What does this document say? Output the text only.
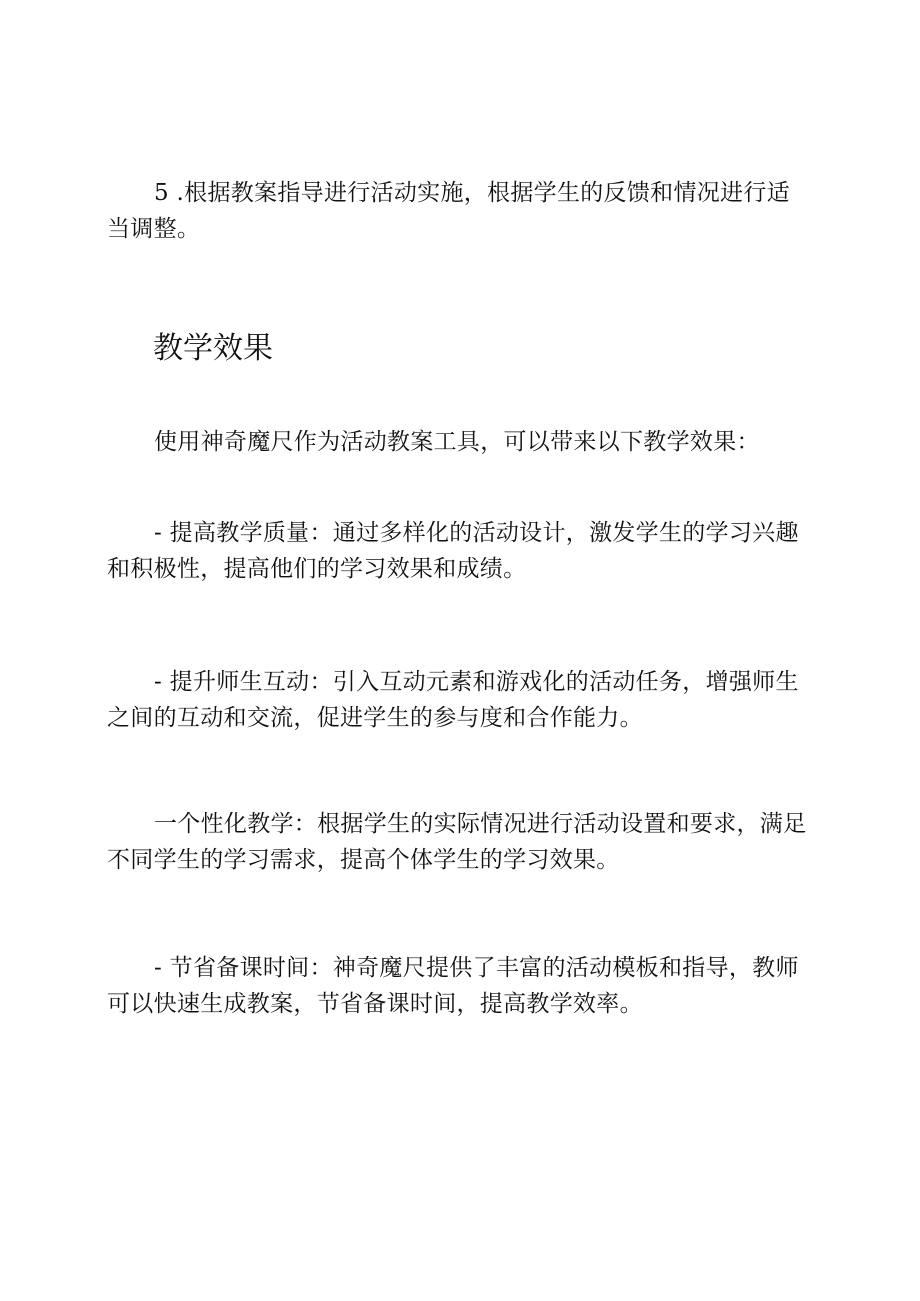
5 .根据教案指导进行活动实施，根据学生的反馈和情况进行适当调整。

教学效果

使用神奇魔尺作为活动教案工具，可以带来以下教学效果：

- 提高教学质量：通过多样化的活动设计，激发学生的学习兴趣和积极性，提高他们的学习效果和成绩。

- 提升师生互动：引入互动元素和游戏化的活动任务，增强师生之间的互动和交流，促进学生的参与度和合作能力。

一个性化教学：根据学生的实际情况进行活动设置和要求，满足不同学生的学习需求，提高个体学生的学习效果。

- 节省备课时间：神奇魔尺提供了丰富的活动模板和指导，教师可以快速生成教案，节省备课时间，提高教学效率。
